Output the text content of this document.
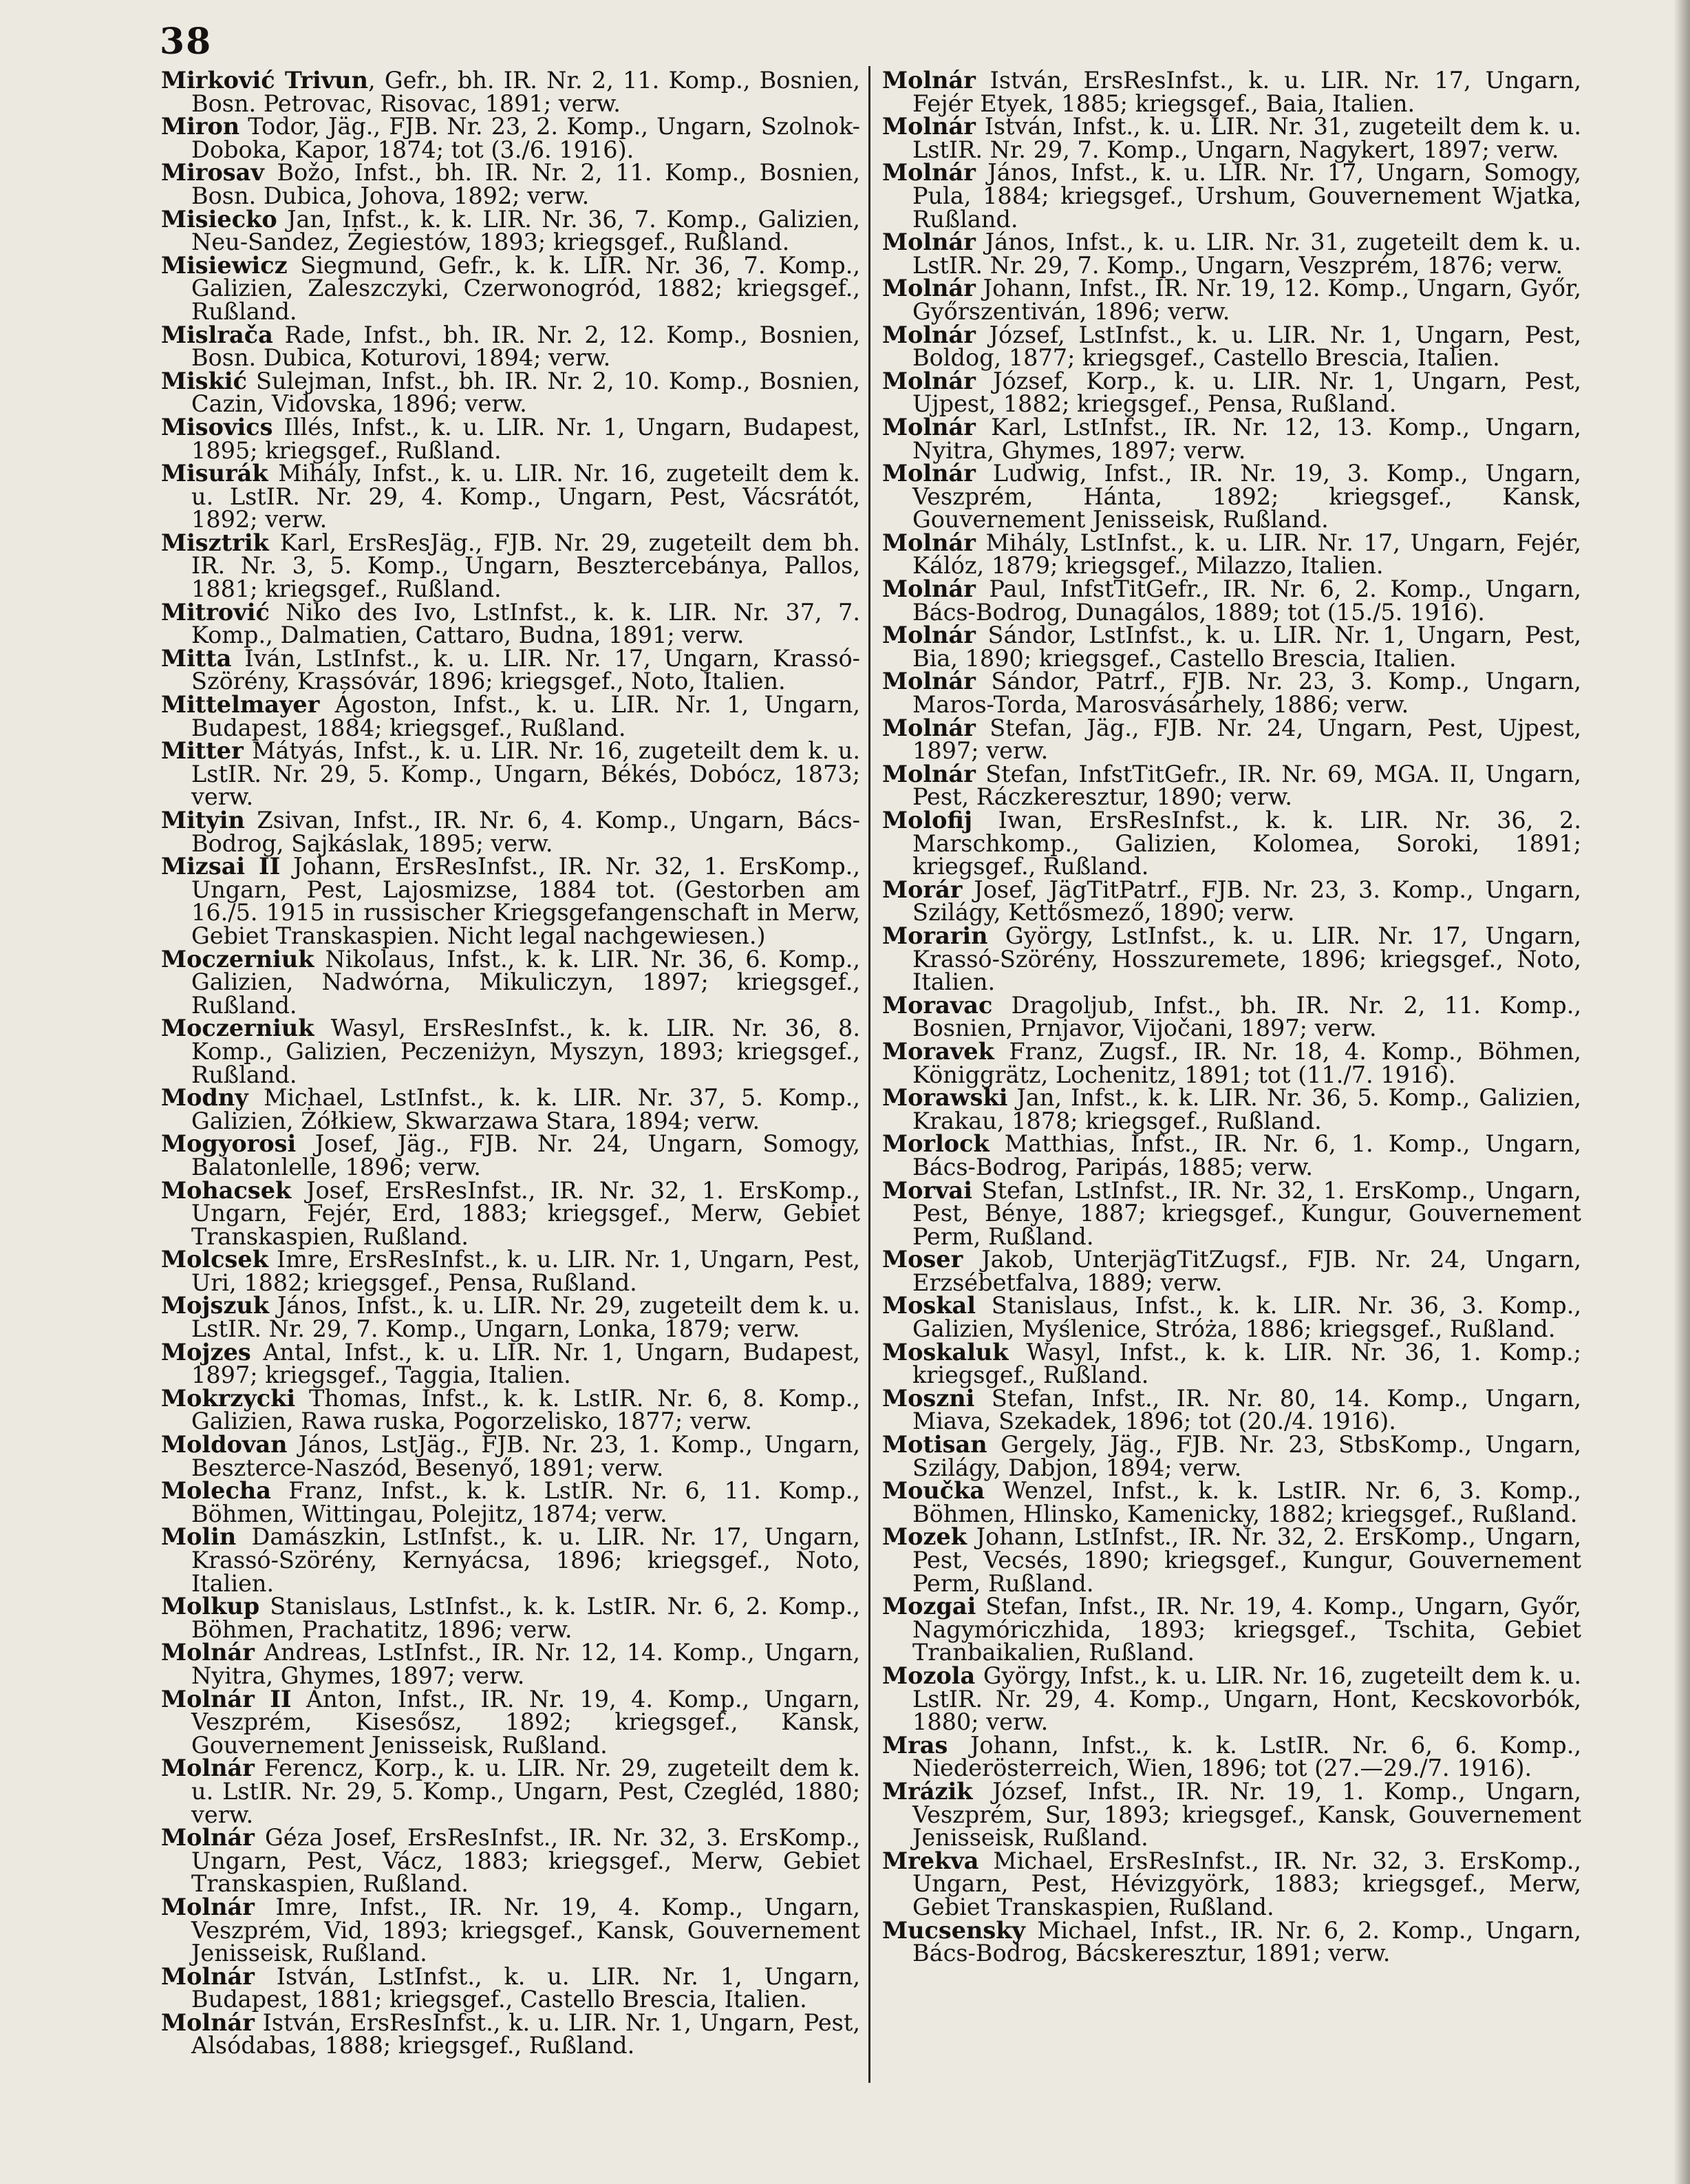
38

Mirković Trivun, Gefr., bh. IR. Nr. 2, 11. Komp., Bosnien, Bosn. Petrovac, Risovac, 1891; verw.

Miron Todor, Jäg., FJB. Nr. 23, 2. Komp., Ungarn, Szolnok-Doboka, Kapor, 1874; tot (3./6. 1916).

Mirosav Božo, Infst., bh. IR. Nr. 2, 11. Komp., Bosnien, Bosn. Dubica, Johova, 1892; verw.

Misiecko Jan, Infst., k. k. LIR. Nr. 36, 7. Komp., Galizien, Neu-Sandez, Żegiestów, 1893; kriegsgef., Rußland.

Misiewicz Siegmund, Gefr., k. k. LIR. Nr. 36, 7. Komp., Galizien, Zaleszczyki, Czerwonogród, 1882; kriegsgef., Rußland.

Mislrača Rade, Infst., bh. IR. Nr. 2, 12. Komp., Bosnien, Bosn. Dubica, Koturovi, 1894; verw.

Miskić Sulejman, Infst., bh. IR. Nr. 2, 10. Komp., Bosnien, Cazin, Vidovska, 1896; verw.

Misovics Illés, Infst., k. u. LIR. Nr. 1, Ungarn, Budapest, 1895; kriegsgef., Rußland.

Misurák Mihály, Infst., k. u. LIR. Nr. 16, zugeteilt dem k. u. LstIR. Nr. 29, 4. Komp., Ungarn, Pest, Vácsrátót, 1892; verw.

Misztrik Karl, ErsResJäg., FJB. Nr. 29, zugeteilt dem bh. IR. Nr. 3, 5. Komp., Ungarn, Besztercebánya, Pallos, 1881; kriegsgef., Rußland.

Mitrović Niko des Ivo, LstInfst., k. k. LIR. Nr. 37, 7. Komp., Dalmatien, Cattaro, Budna, 1891; verw.

Mitta Iván, LstInfst., k. u. LIR. Nr. 17, Ungarn, Krassó-Szörény, Krassóvár, 1896; kriegsgef., Noto, Italien.

Mittelmayer Ágoston, Infst., k. u. LIR. Nr. 1, Ungarn, Budapest, 1884; kriegsgef., Rußland.

Mitter Mátyás, Infst., k. u. LIR. Nr. 16, zugeteilt dem k. u. LstIR. Nr. 29, 5. Komp., Ungarn, Békés, Dobócz, 1873; verw.

Mityin Zsivan, Infst., IR. Nr. 6, 4. Komp., Ungarn, Bács-Bodrog, Sajkáslak, 1895; verw.

Mizsai II Johann, ErsResInfst., IR. Nr. 32, 1. ErsKomp., Ungarn, Pest, Lajosmizse, 1884 tot. (Gestorben am 16./5. 1915 in russischer Kriegsgefangenschaft in Merw, Gebiet Transkaspien. Nicht legal nachgewiesen.)

Moczerniuk Nikolaus, Infst., k. k. LIR. Nr. 36, 6. Komp., Galizien, Nadwórna, Mikuliczyn, 1897; kriegsgef., Rußland.

Moczerniuk Wasyl, ErsResInfst., k. k. LIR. Nr. 36, 8. Komp., Galizien, Peczeniżyn, Myszyn, 1893; kriegsgef., Rußland.

Modny Michael, LstInfst., k. k. LIR. Nr. 37, 5. Komp., Galizien, Żółkiew, Skwarzawa Stara, 1894; verw.

Mogyorosi Josef, Jäg., FJB. Nr. 24, Ungarn, Somogy, Balatonlelle, 1896; verw.

Mohacsek Josef, ErsResInfst., IR. Nr. 32, 1. ErsKomp., Ungarn, Fejér, Erd, 1883; kriegsgef., Merw, Gebiet Transkaspien, Rußland.

Molcsek Imre, ErsResInfst., k. u. LIR. Nr. 1, Ungarn, Pest, Uri, 1882; kriegsgef., Pensa, Rußland.

Mojszuk János, Infst., k. u. LIR. Nr. 29, zugeteilt dem k. u. LstIR. Nr. 29, 7. Komp., Ungarn, Lonka, 1879; verw.

Mojzes Antal, Infst., k. u. LIR. Nr. 1, Ungarn, Budapest, 1897; kriegsgef., Taggia, Italien.

Mokrzycki Thomas, Infst., k. k. LstIR. Nr. 6, 8. Komp., Galizien, Rawa ruska, Pogorzelisko, 1877; verw.

Moldovan János, LstJäg., FJB. Nr. 23, 1. Komp., Ungarn, Beszterce-Naszód, Besenyő, 1891; verw.

Molecha Franz, Infst., k. k. LstIR. Nr. 6, 11. Komp., Böhmen, Wittingau, Polejitz, 1874; verw.

Molin Damászkin, LstInfst., k. u. LIR. Nr. 17, Ungarn, Krassó-Szörény, Kernyácsa, 1896; kriegsgef., Noto, Italien.

Molkup Stanislaus, LstInfst., k. k. LstIR. Nr. 6, 2. Komp., Böhmen, Prachatitz, 1896; verw.

Molnár Andreas, LstInfst., IR. Nr. 12, 14. Komp., Ungarn, Nyitra, Ghymes, 1897; verw.

Molnár II Anton, Infst., IR. Nr. 19, 4. Komp., Ungarn, Veszprém, Kisesősz, 1892; kriegsgef., Kansk, Gouvernement Jenisseisk, Rußland.

Molnár Ferencz, Korp., k. u. LIR. Nr. 29, zugeteilt dem k. u. LstIR. Nr. 29, 5. Komp., Ungarn, Pest, Czegléd, 1880; verw.

Molnár Géza Josef, ErsResInfst., IR. Nr. 32, 3. ErsKomp., Ungarn, Pest, Vácz, 1883; kriegsgef., Merw, Gebiet Transkaspien, Rußland.

Molnár Imre, Infst., IR. Nr. 19, 4. Komp., Ungarn, Veszprém, Vid, 1893; kriegsgef., Kansk, Gouvernement Jenisseisk, Rußland.

Molnár István, LstInfst., k. u. LIR. Nr. 1, Ungarn, Budapest, 1881; kriegsgef., Castello Brescia, Italien.

Molnár István, ErsResInfst., k. u. LIR. Nr. 1, Ungarn, Pest, Alsódabas, 1888; kriegsgef., Rußland.

Molnár István, ErsResInfst., k. u. LIR. Nr. 17, Ungarn, Fejér Etyek, 1885; kriegsgef., Baia, Italien.

Molnár István, Infst., k. u. LIR. Nr. 31, zugeteilt dem k. u. LstIR. Nr. 29, 7. Komp., Ungarn, Nagykert, 1897; verw.

Molnár János, Infst., k. u. LIR. Nr. 17, Ungarn, Somogy, Pula, 1884; kriegsgef., Urshum, Gouvernement Wjatka, Rußland.

Molnár János, Infst., k. u. LIR. Nr. 31, zugeteilt dem k. u. LstIR. Nr. 29, 7. Komp., Ungarn, Veszprém, 1876; verw.

Molnár Johann, Infst., IR. Nr. 19, 12. Komp., Ungarn, Győr, Győrszentiván, 1896; verw.

Molnár József, LstInfst., k. u. LIR. Nr. 1, Ungarn, Pest, Boldog, 1877; kriegsgef., Castello Brescia, Italien.

Molnár József, Korp., k. u. LIR. Nr. 1, Ungarn, Pest, Ujpest, 1882; kriegsgef., Pensa, Rußland.

Molnár Karl, LstInfst., IR. Nr. 12, 13. Komp., Ungarn, Nyitra, Ghymes, 1897; verw.

Molnár Ludwig, Infst., IR. Nr. 19, 3. Komp., Ungarn, Veszprém, Hánta, 1892; kriegsgef., Kansk, Gouvernement Jenisseisk, Rußland.

Molnár Mihály, LstInfst., k. u. LIR. Nr. 17, Ungarn, Fejér, Kálóz, 1879; kriegsgef., Milazzo, Italien.

Molnár Paul, InfstTitGefr., IR. Nr. 6, 2. Komp., Ungarn, Bács-Bodrog, Dunagálos, 1889; tot (15./5. 1916).

Molnár Sándor, LstInfst., k. u. LIR. Nr. 1, Ungarn, Pest, Bia, 1890; kriegsgef., Castello Brescia, Italien.

Molnár Sándor, Patrf., FJB. Nr. 23, 3. Komp., Ungarn, Maros-Torda, Marosvásárhely, 1886; verw.

Molnár Stefan, Jäg., FJB. Nr. 24, Ungarn, Pest, Ujpest, 1897; verw.

Molnár Stefan, InfstTitGefr., IR. Nr. 69, MGA. II, Ungarn, Pest, Ráczkeresztur, 1890; verw.

Molofij Iwan, ErsResInfst., k. k. LIR. Nr. 36, 2. Marschkomp., Galizien, Kolomea, Soroki, 1891; kriegsgef., Rußland.

Morár Josef, JägTitPatrf., FJB. Nr. 23, 3. Komp., Ungarn, Szilágy, Kettősmező, 1890; verw.

Morarin György, LstInfst., k. u. LIR. Nr. 17, Ungarn, Krassó-Szörény, Hosszuremete, 1896; kriegsgef., Noto, Italien.

Moravac Dragoljub, Infst., bh. IR. Nr. 2, 11. Komp., Bosnien, Prnjavor, Vijočani, 1897; verw.

Moravek Franz, Zugsf., IR. Nr. 18, 4. Komp., Böhmen, Königgrätz, Lochenitz, 1891; tot (11./7. 1916).

Morawski Jan, Infst., k. k. LIR. Nr. 36, 5. Komp., Galizien, Krakau, 1878; kriegsgef., Rußland.

Morlock Matthias, Infst., IR. Nr. 6, 1. Komp., Ungarn, Bács-Bodrog, Paripás, 1885; verw.

Morvai Stefan, LstInfst., IR. Nr. 32, 1. ErsKomp., Ungarn, Pest, Bénye, 1887; kriegsgef., Kungur, Gouvernement Perm, Rußland.

Moser Jakob, UnterjägTitZugsf., FJB. Nr. 24, Ungarn, Erzsébetfalva, 1889; verw.

Moskal Stanislaus, Infst., k. k. LIR. Nr. 36, 3. Komp., Galizien, Myślenice, Stróża, 1886; kriegsgef., Rußland.

Moskaluk Wasyl, Infst., k. k. LIR. Nr. 36, 1. Komp.; kriegsgef., Rußland.

Moszni Stefan, Infst., IR. Nr. 80, 14. Komp., Ungarn, Miava, Szekadek, 1896; tot (20./4. 1916).

Motisan Gergely, Jäg., FJB. Nr. 23, StbsKomp., Ungarn, Szilágy, Dabjon, 1894; verw.

Moučka Wenzel, Infst., k. k. LstIR. Nr. 6, 3. Komp., Böhmen, Hlinsko, Kamenicky, 1882; kriegsgef., Rußland.

Mozek Johann, LstInfst., IR. Nr. 32, 2. ErsKomp., Ungarn, Pest, Vecsés, 1890; kriegsgef., Kungur, Gouvernement Perm, Rußland.

Mozgai Stefan, Infst., IR. Nr. 19, 4. Komp., Ungarn, Győr, Nagymóriczhida, 1893; kriegsgef., Tschita, Gebiet Tranbaikalien, Rußland.

Mozola György, Infst., k. u. LIR. Nr. 16, zugeteilt dem k. u. LstIR. Nr. 29, 4. Komp., Ungarn, Hont, Kecskovorbók, 1880; verw.

Mras Johann, Infst., k. k. LstIR. Nr. 6, 6. Komp., Niederösterreich, Wien, 1896; tot (27.—29./7. 1916).

Mrázik József, Infst., IR. Nr. 19, 1. Komp., Ungarn, Veszprém, Sur, 1893; kriegsgef., Kansk, Gouvernement Jenisseisk, Rußland.

Mrekva Michael, ErsResInfst., IR. Nr. 32, 3. ErsKomp., Ungarn, Pest, Hévizgyörk, 1883; kriegsgef., Merw, Gebiet Transkaspien, Rußland.

Mucsensky Michael, Infst., IR. Nr. 6, 2. Komp., Ungarn, Bács-Bodrog, Bácskeresztur, 1891; verw.
